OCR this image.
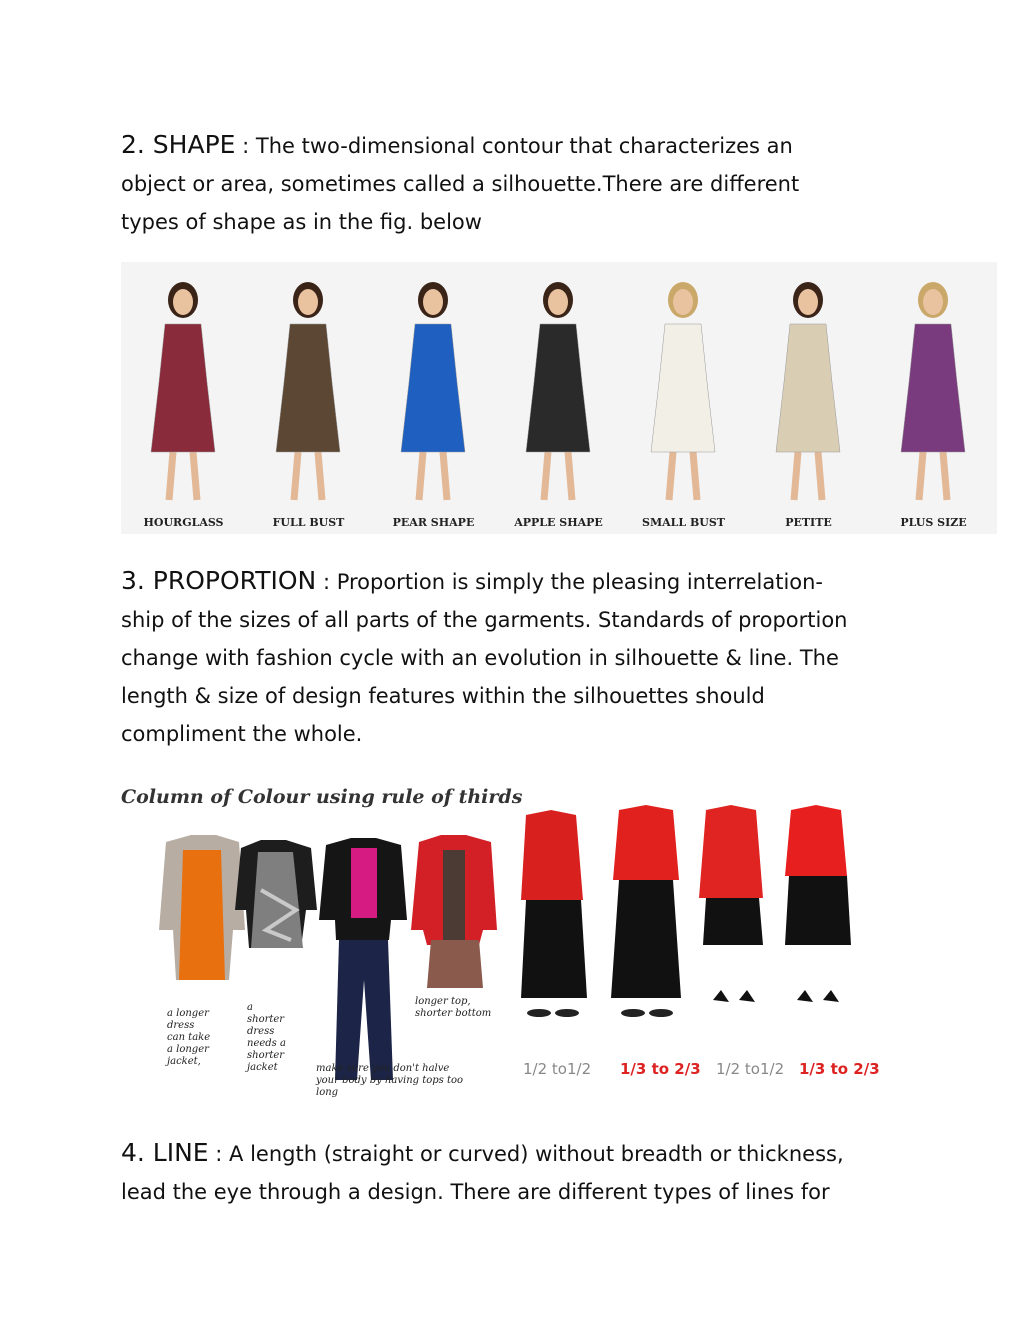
2. SHAPE : The two-dimensional contour that characterizes an
object or area, sometimes called a silhouette.There are different
types of shape as in the fig. below
HOURGLASS	FULL BUST	PEAR SHAPE	APPLE SHAPE	SMALL BUST	PETITE	PLUS SIZE
3. PROPORTION : Proportion is simply the pleasing interrelation-
ship of the sizes of all parts of the garments. Standards of proportion
change with fashion cycle with an evolution in silhouette & line. The
length & size of design features within the silhouettes should
compliment the whole.
Column of Colour using rule of thirds
a longer
dress
can take
a longer
jacket,
a
shorter
dress
needs a
shorter
jacket	make sure you don't halve
your body by having tops too
long
longer top,
shorter bottom
1/2 to1/2 1/3 to 2/3 1/2 to1/2 1/3 to 2/3
4. LINE : A length (straight or curved) without breadth or thickness,
lead the eye through a design. There are different types of lines for
